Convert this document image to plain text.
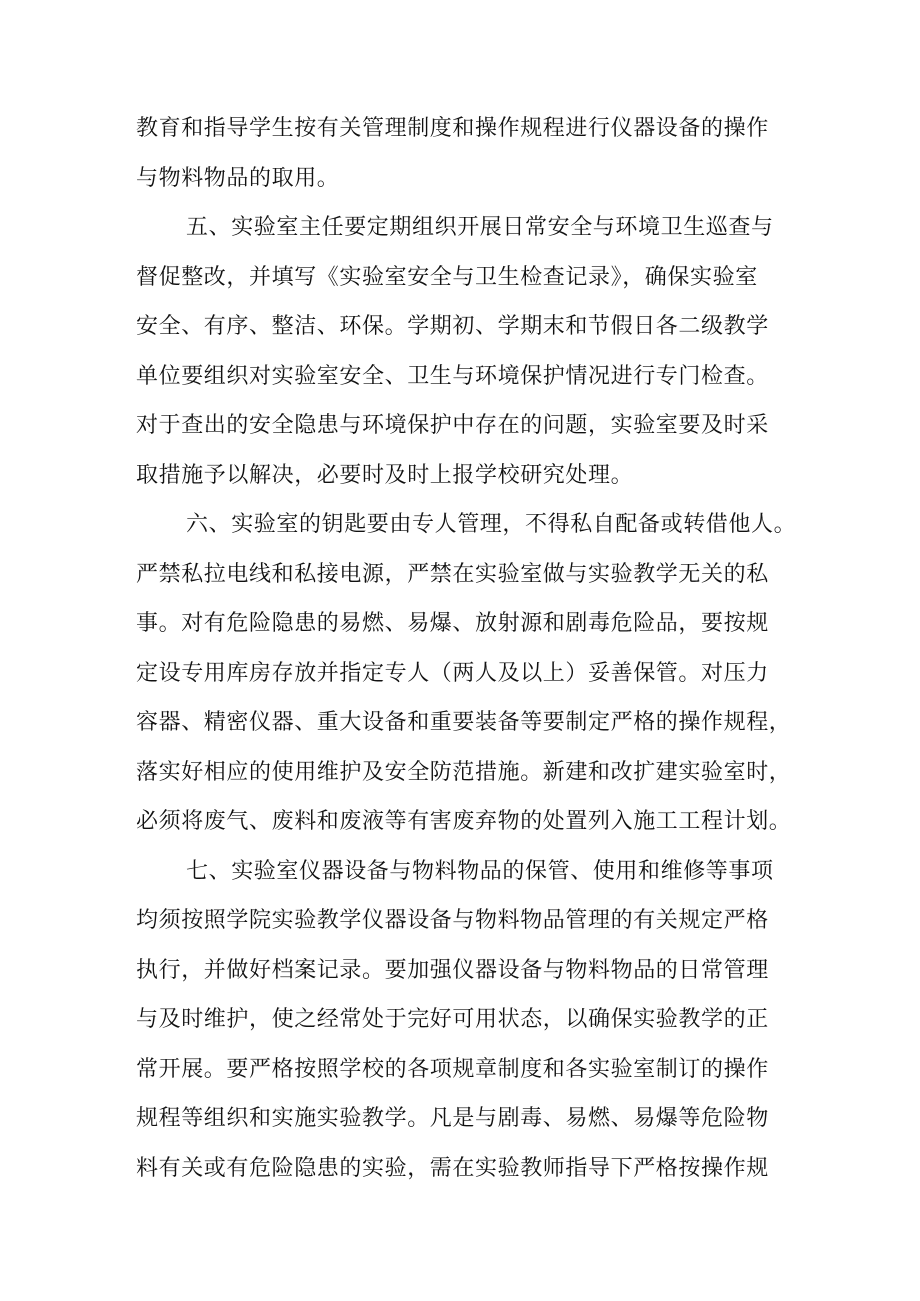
教育和指导学生按有关管理制度和操作规程进行仪器设备的操作
与物料物品的取用。
五、实验室主任要定期组织开展日常安全与环境卫生巡查与
督促整改，并填写《实验室安全与卫生检查记录》，确保实验室
安全、有序、整洁、环保。学期初、学期末和节假日各二级教学
单位要组织对实验室安全、卫生与环境保护情况进行专门检查。
对于查出的安全隐患与环境保护中存在的问题，实验室要及时采
取措施予以解决，必要时及时上报学校研究处理。
六、实验室的钥匙要由专人管理，不得私自配备或转借他人。
严禁私拉电线和私接电源，严禁在实验室做与实验教学无关的私
事。对有危险隐患的易燃、易爆、放射源和剧毒危险品，要按规
定设专用库房存放并指定专人（两人及以上）妥善保管。对压力
容器、精密仪器、重大设备和重要装备等要制定严格的操作规程，
落实好相应的使用维护及安全防范措施。新建和改扩建实验室时，
必须将废气、废料和废液等有害废弃物的处置列入施工工程计划。
七、实验室仪器设备与物料物品的保管、使用和维修等事项
均须按照学院实验教学仪器设备与物料物品管理的有关规定严格
执行，并做好档案记录。要加强仪器设备与物料物品的日常管理
与及时维护，使之经常处于完好可用状态，以确保实验教学的正
常开展。要严格按照学校的各项规章制度和各实验室制订的操作
规程等组织和实施实验教学。凡是与剧毒、易燃、易爆等危险物
料有关或有危险隐患的实验，需在实验教师指导下严格按操作规
